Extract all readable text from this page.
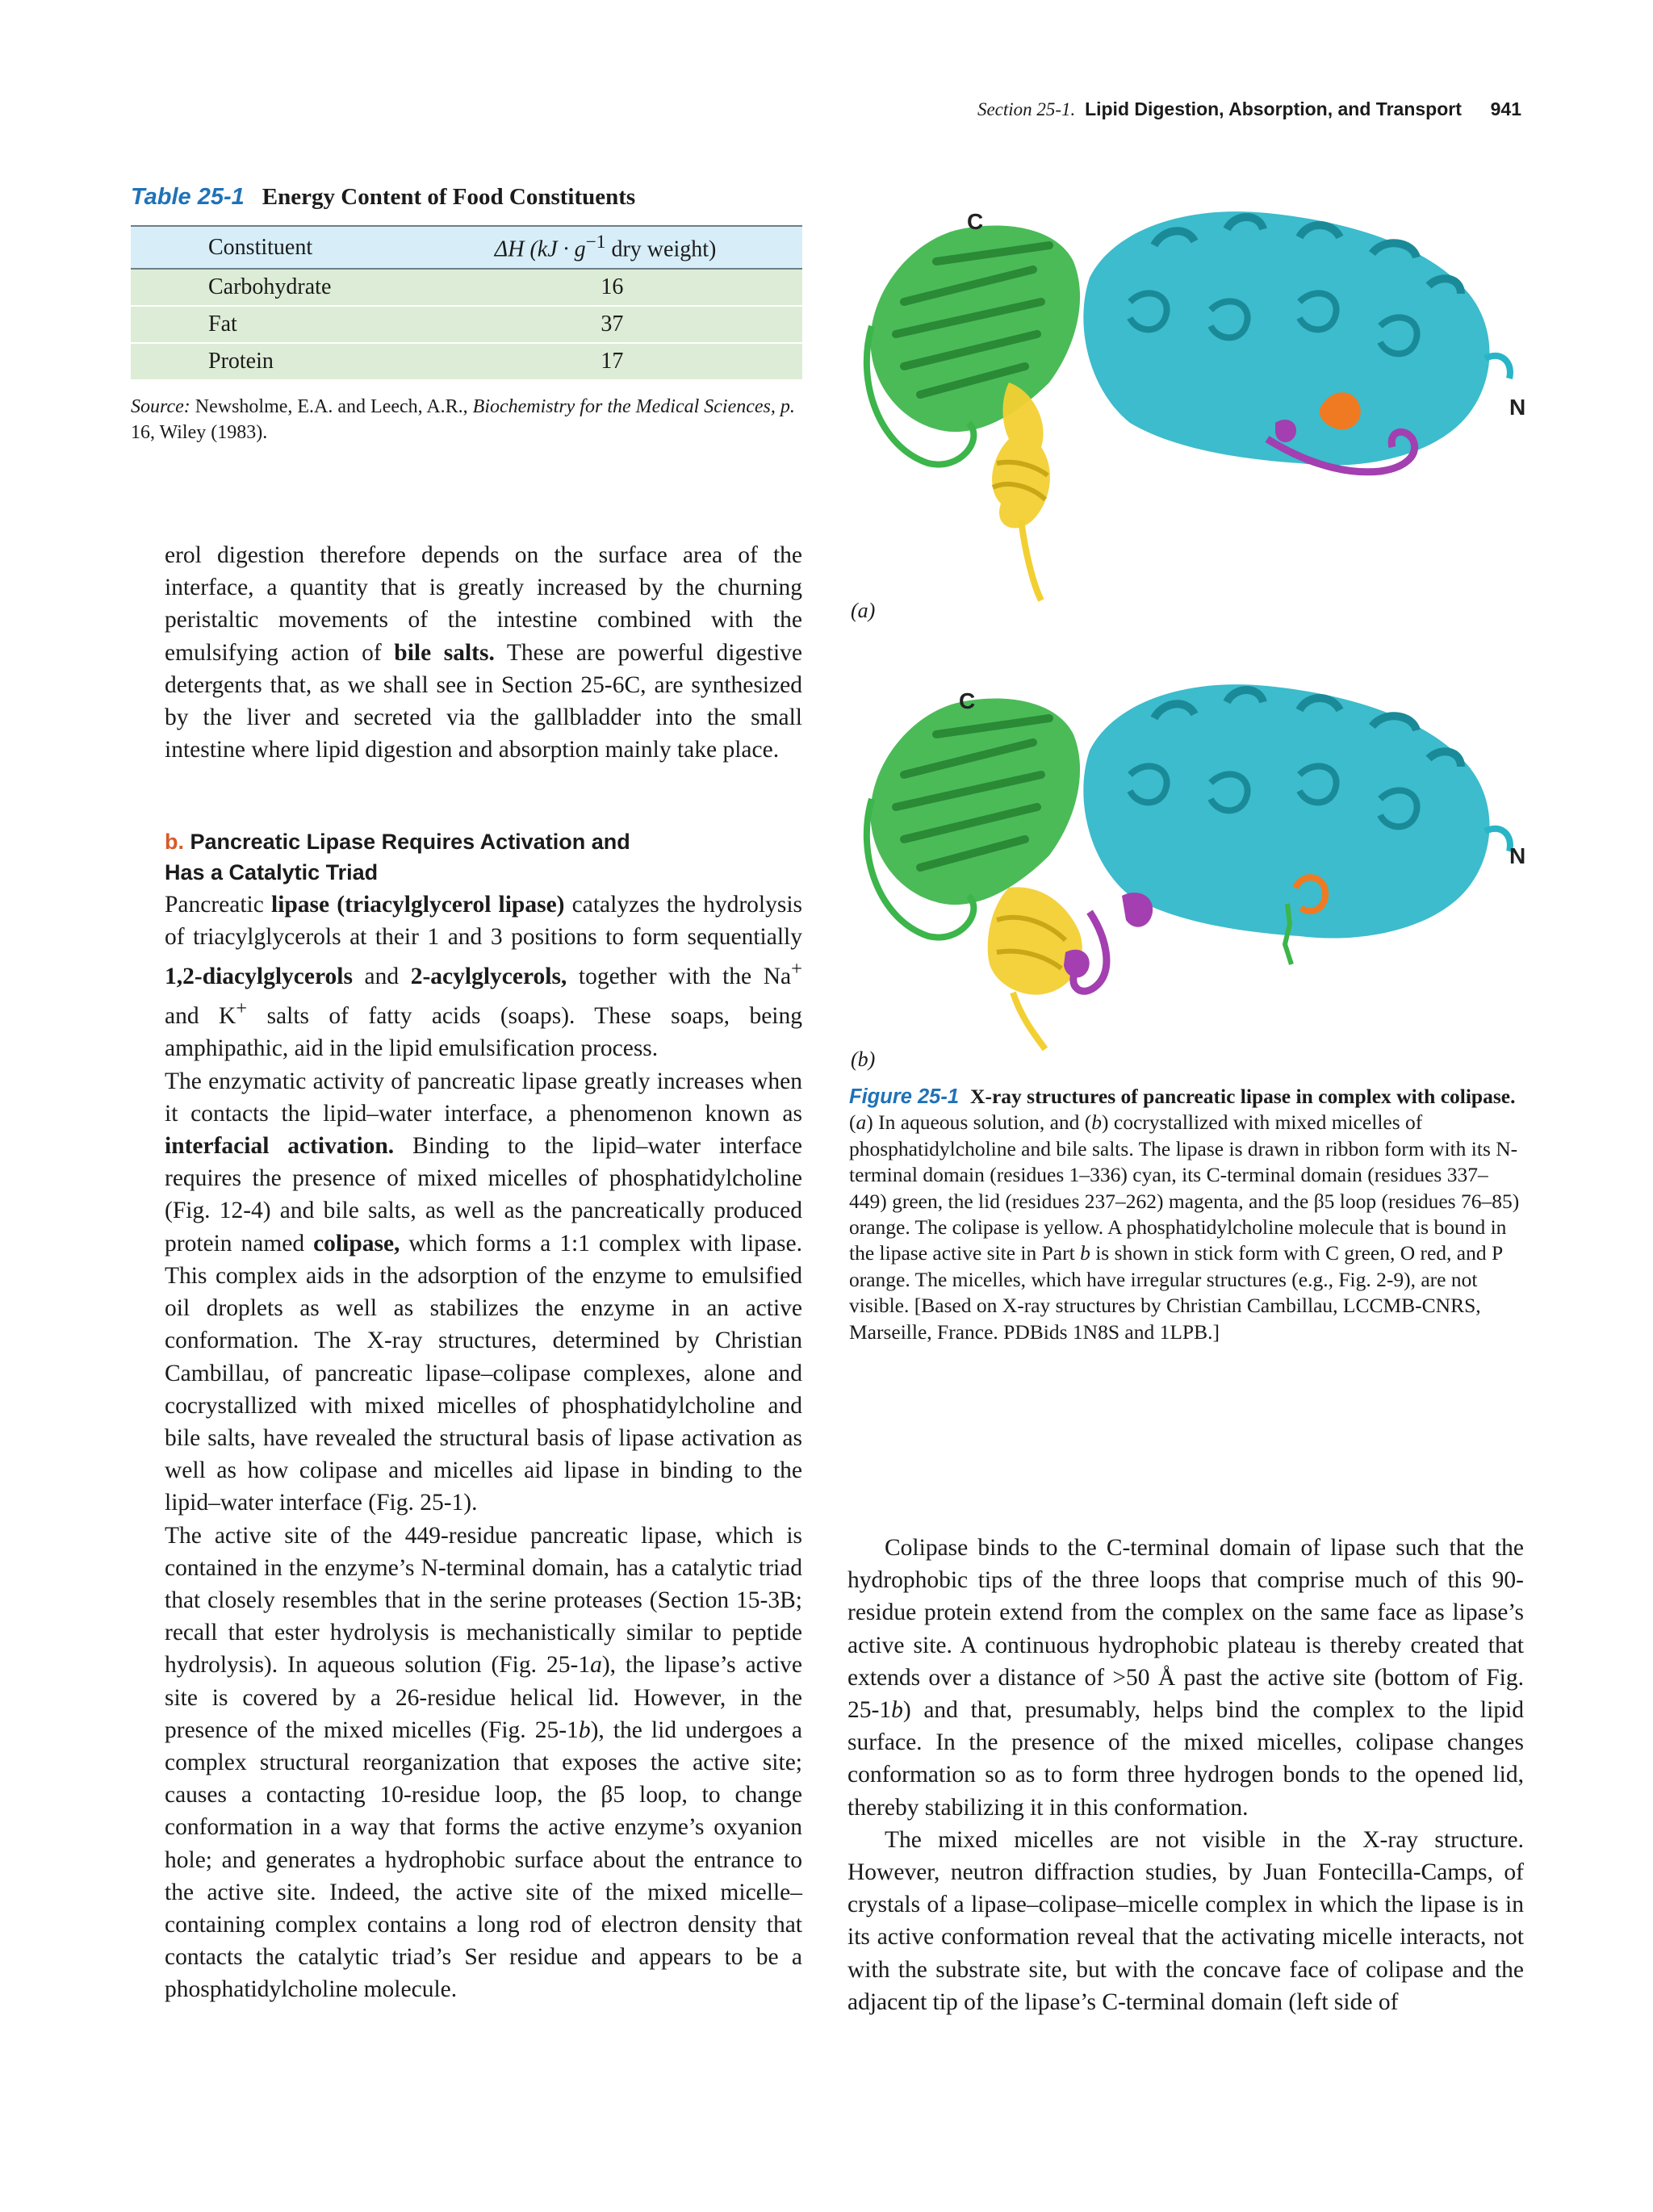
Section 25-1. Lipid Digestion, Absorption, and Transport 941
Table 25-1 Energy Content of Food Constituents
Constituent	ΔH ($kJ \cdot g^{-1}$ dry weight)
Carbohydrate	16
Fat	37
Protein	17
Source: Newsholme, E.A. and Leech, A.R., Biochemistry for the Medical Sciences, p. 16, Wiley (1983).

erol digestion therefore depends on the surface area of the interface, a quantity that is greatly increased by the churning peristaltic movements of the intestine combined with the emulsifying action of bile salts. These are powerful digestive detergents that, as we shall see in Section 25-6C, are synthesized by the liver and secreted via the gallbladder into the small intestine where lipid digestion and absorption mainly take place.

b. Pancreatic Lipase Requires Activation and
Has a Catalytic Triad

Pancreatic lipase (triacylglycerol lipase) catalyzes the hydrolysis of triacylglycerols at their 1 and 3 positions to form sequentially 1,2-diacylglycerols and 2-acylglycerols, together with the Na+ and K+ salts of fatty acids (soaps). These soaps, being amphipathic, aid in the lipid emulsification process.

The enzymatic activity of pancreatic lipase greatly increases when it contacts the lipid–water interface, a phenomenon known as interfacial activation. Binding to the lipid–water interface requires the presence of mixed micelles of phosphatidylcholine (Fig. 12-4) and bile salts, as well as the pancreatically produced protein named colipase, which forms a 1:1 complex with lipase. This complex aids in the adsorption of the enzyme to emulsified oil droplets as well as stabilizes the enzyme in an active conformation. The X-ray structures, determined by Christian Cambillau, of pancreatic lipase–colipase complexes, alone and cocrystallized with mixed micelles of phosphatidylcholine and bile salts, have revealed the structural basis of lipase activation as well as how colipase and micelles aid lipase in binding to the lipid–water interface (Fig. 25-1).

The active site of the 449-residue pancreatic lipase, which is contained in the enzyme’s N-terminal domain, has a catalytic triad that closely resembles that in the serine proteases (Section 15-3B; recall that ester hydrolysis is mechanistically similar to peptide hydrolysis). In aqueous solution (Fig. 25-1a), the lipase’s active site is covered by a 26-residue helical lid. However, in the presence of the mixed micelles (Fig. 25-1b), the lid undergoes a complex structural reorganization that exposes the active site; causes a contacting 10-residue loop, the β5 loop, to change conformation in a way that forms the active enzyme’s oxyanion hole; and generates a hydrophobic surface about the entrance to the active site. Indeed, the active site of the mixed micelle–containing complex contains a long rod of electron density that contacts the catalytic triad’s Ser residue and appears to be a phosphatidylcholine molecule.

C
N
(a)
C
N
(b)
Figure 25-1 X-ray structures of pancreatic lipase in complex with colipase. (a) In aqueous solution, and (b) cocrystallized with mixed micelles of phosphatidylcholine and bile salts. The lipase is drawn in ribbon form with its N-terminal domain (residues 1–336) cyan, its C-terminal domain (residues 337–449) green, the lid (residues 237–262) magenta, and the β5 loop (residues 76–85) orange. The colipase is yellow. A phosphatidylcholine molecule that is bound in the lipase active site in Part b is shown in stick form with C green, O red, and P orange. The micelles, which have irregular structures (e.g., Fig. 2-9), are not visible. [Based on X-ray structures by Christian Cambillau, LCCMB-CNRS, Marseille, France. PDBids 1N8S and 1LPB.]

Colipase binds to the C-terminal domain of lipase such that the hydrophobic tips of the three loops that comprise much of this 90-residue protein extend from the complex on the same face as lipase’s active site. A continuous hydrophobic plateau is thereby created that extends over a distance of >50 Å past the active site (bottom of Fig. 25-1b) and that, presumably, helps bind the complex to the lipid surface. In the presence of the mixed micelles, colipase changes conformation so as to form three hydrogen bonds to the opened lid, thereby stabilizing it in this conformation.

The mixed micelles are not visible in the X-ray structure. However, neutron diffraction studies, by Juan Fontecilla-Camps, of crystals of a lipase–colipase–micelle complex in which the lipase is in its active conformation reveal that the activating micelle interacts, not with the substrate site, but with the concave face of colipase and the adjacent tip of the lipase’s C-terminal domain (left side of
